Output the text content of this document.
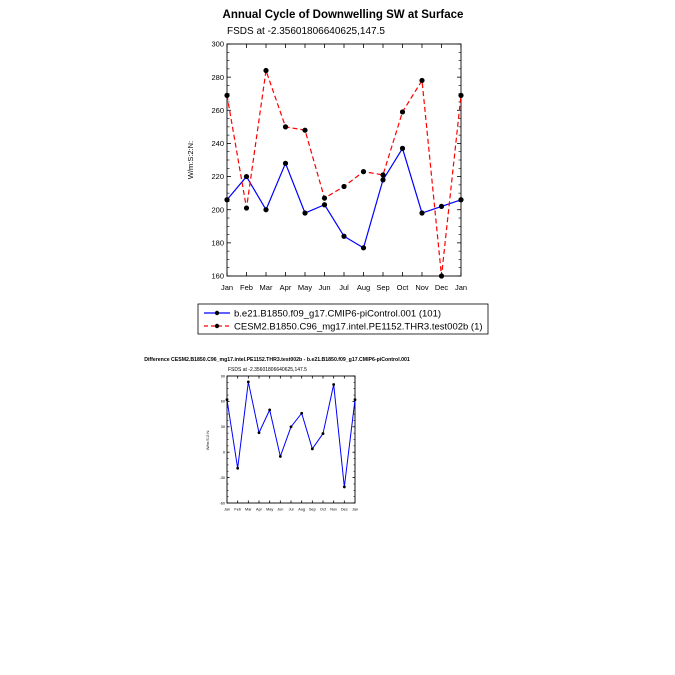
Annual Cycle of Downwelling SW at Surface
FSDS at -2.35601806640625,147.5
W/m:S:2:N:
160
180
200
220
240
260
280
300
Jan Feb Mar Apr May Jun Jul Aug Sep Oct Nov Dec Jan
b.e21.B1850.f09_g17.CMIP6-piControl.001 (101)
CESM2.B1850.C96_mg17.intel.PE1152.THR3.test002b (1)
Difference CESM2.B1850.C96_mg17.intel.PE1152.THR3.test002b - b.e21.B1850.f09_g17.CMIP6-piControl.001
FSDS at -2.35601806640625,147.5
W/m:S:2:N:
-60
-30
0
30
60
90
Jan Feb Mar Apr May Jun Jul Aug Sep Oct Nov Dec Jan
